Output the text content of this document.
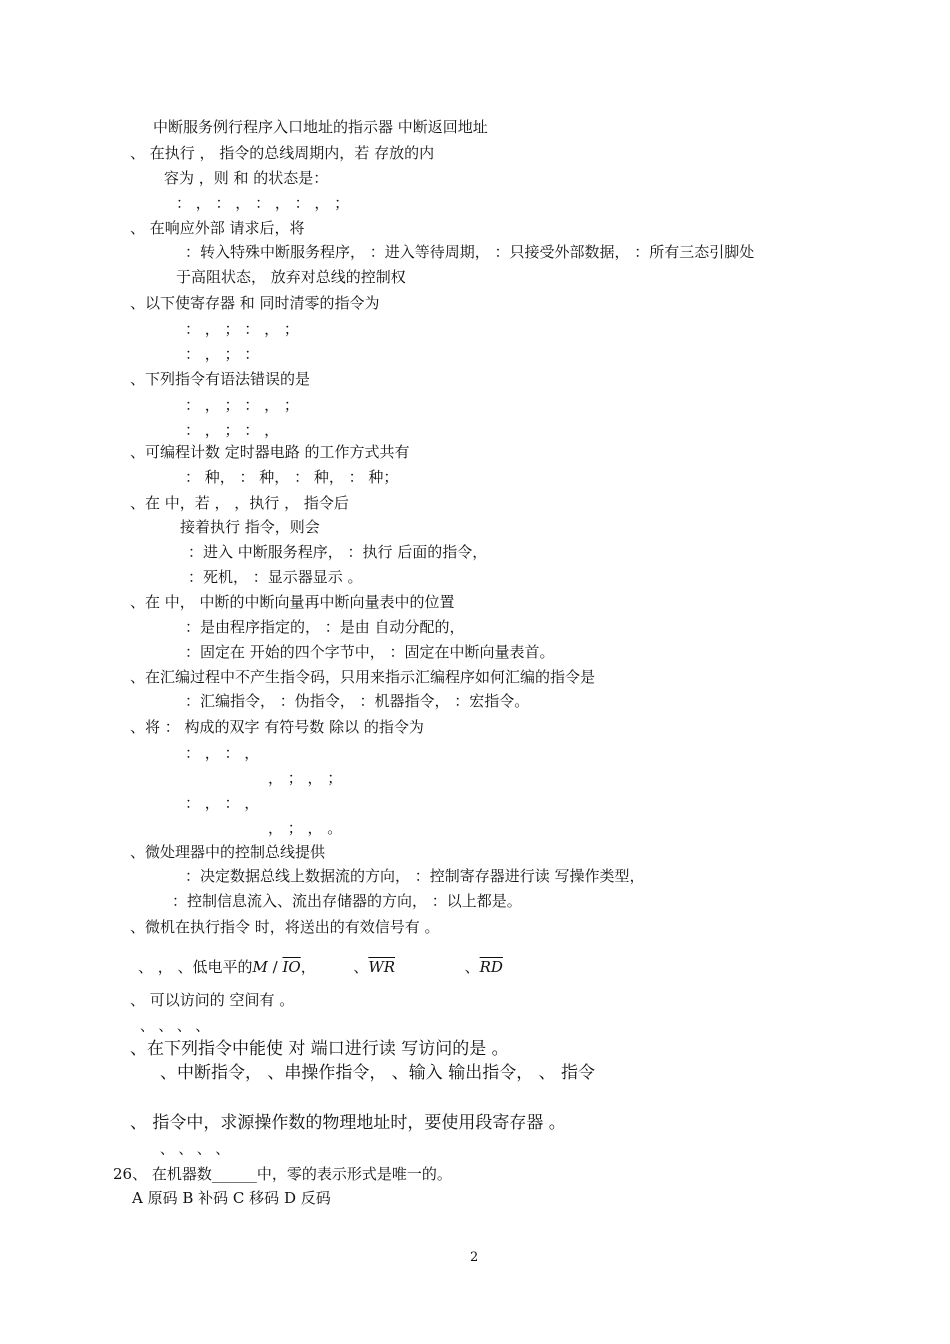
中断服务例行程序入口地址的指示器 中断返回地址
、 在执行 ， 指令的总线周期内，若 存放的内
容为 ，则 和 的状态是：
： ， ： ， ： ， ： ， ；
、 在响应外部 请求后，将
：转入特殊中断服务程序， ：进入等待周期， ：只接受外部数据， ：所有三态引脚处
于高阻状态， 放弃对总线的控制权
、以下使寄存器 和 同时清零的指令为
： ， ； ： ， ；
： ， ； ：
、下列指令有语法错误的是
： ， ； ： ， ；
： ， ； ： ，
、可编程计数 定时器电路 的工作方式共有
： 种， ： 种， ： 种， ： 种；
、在 中，若 ， ，执行 ， 指令后
接着执行 指令，则会
：进入 中断服务程序， ：执行 后面的指令，
：死机， ：显示器显示 。
、在 中， 中断的中断向量再中断向量表中的位置
：是由程序指定的， ：是由 自动分配的，
：固定在 开始的四个字节中， ：固定在中断向量表首。
、在汇编过程中不产生指令码，只用来指示汇编程序如何汇编的指令是
：汇编指令， ：伪指令， ：机器指令， ：宏指令。
、将 ： 构成的双字 有符号数 除以 的指令为
： ， ： ，
， ； ， ；
： ， ： ，
， ； ， 。
、微处理器中的控制总线提供
：决定数据总线上数据流的方向， ：控制寄存器进行读 写操作类型，
：控制信息流入、流出存储器的方向， ：以上都是。
、微机在执行指令 时，将送出的有效信号有 。
、 ， 、低电平的M / $\overline{IO}$，	、$\overline{WR}$	、$\overline{RD}$
、 可以访问的 空间有 。
、 、 、 、
、在下列指令中能使 对 端口进行读 写访问的是 。
、中断指令， 、串操作指令， 、输入 输出指令， 、 指令
、 指令中，求源操作数的物理地址时，要使用段寄存器 。
、 、 、 、
26、 在机器数______中，零的表示形式是唯一的。
A 原码 B 补码 C 移码 D 反码
2
